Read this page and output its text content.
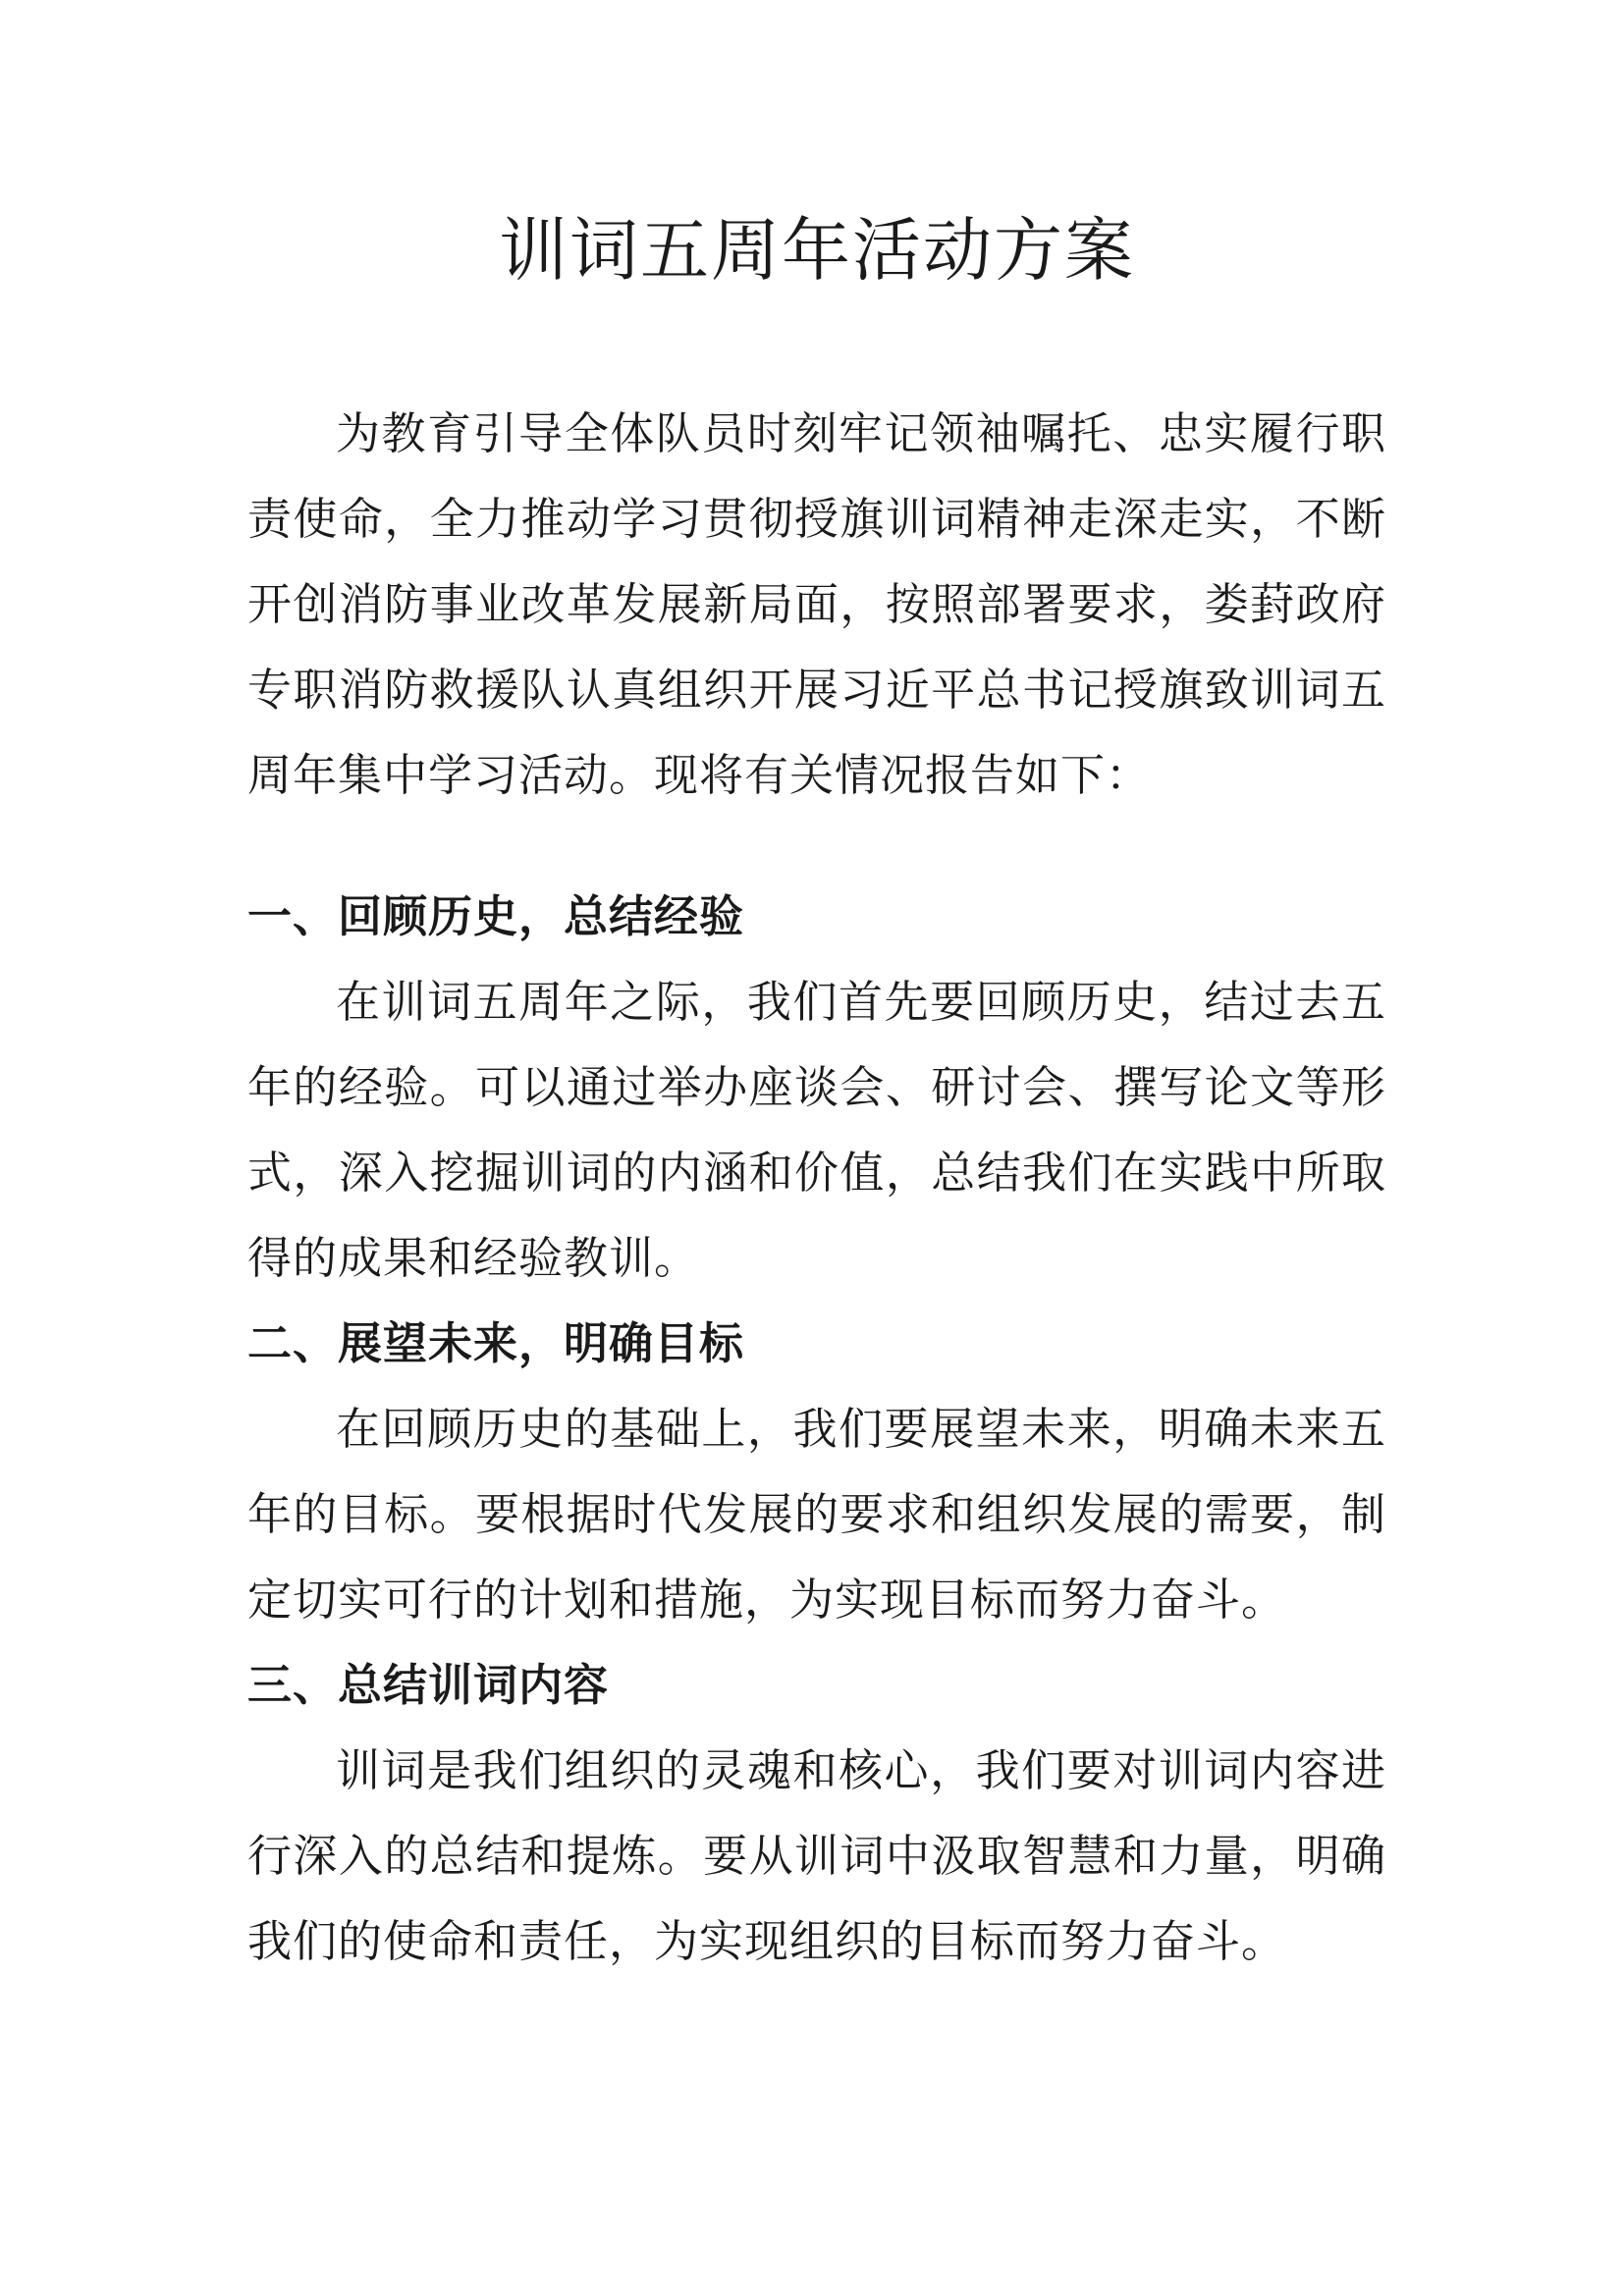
训词五周年活动方案

为教育引导全体队员时刻牢记领袖嘱托、忠实履行职责使命，全力推动学习贯彻授旗训词精神走深走实，不断开创消防事业改革发展新局面，按照部署要求，娄葑政府专职消防救援队认真组织开展习近平总书记授旗致训词五周年集中学习活动。现将有关情况报告如下：

一、回顾历史，总结经验

在训词五周年之际，我们首先要回顾历史，结过去五年的经验。可以通过举办座谈会、研讨会、撰写论文等形式，深入挖掘训词的内涵和价值，总结我们在实践中所取得的成果和经验教训。

二、展望未来，明确目标

在回顾历史的基础上，我们要展望未来，明确未来五年的目标。要根据时代发展的要求和组织发展的需要，制定切实可行的计划和措施，为实现目标而努力奋斗。

三、总结训词内容

训词是我们组织的灵魂和核心，我们要对训词内容进行深入的总结和提炼。要从训词中汲取智慧和力量，明确我们的使命和责任，为实现组织的目标而努力奋斗。
